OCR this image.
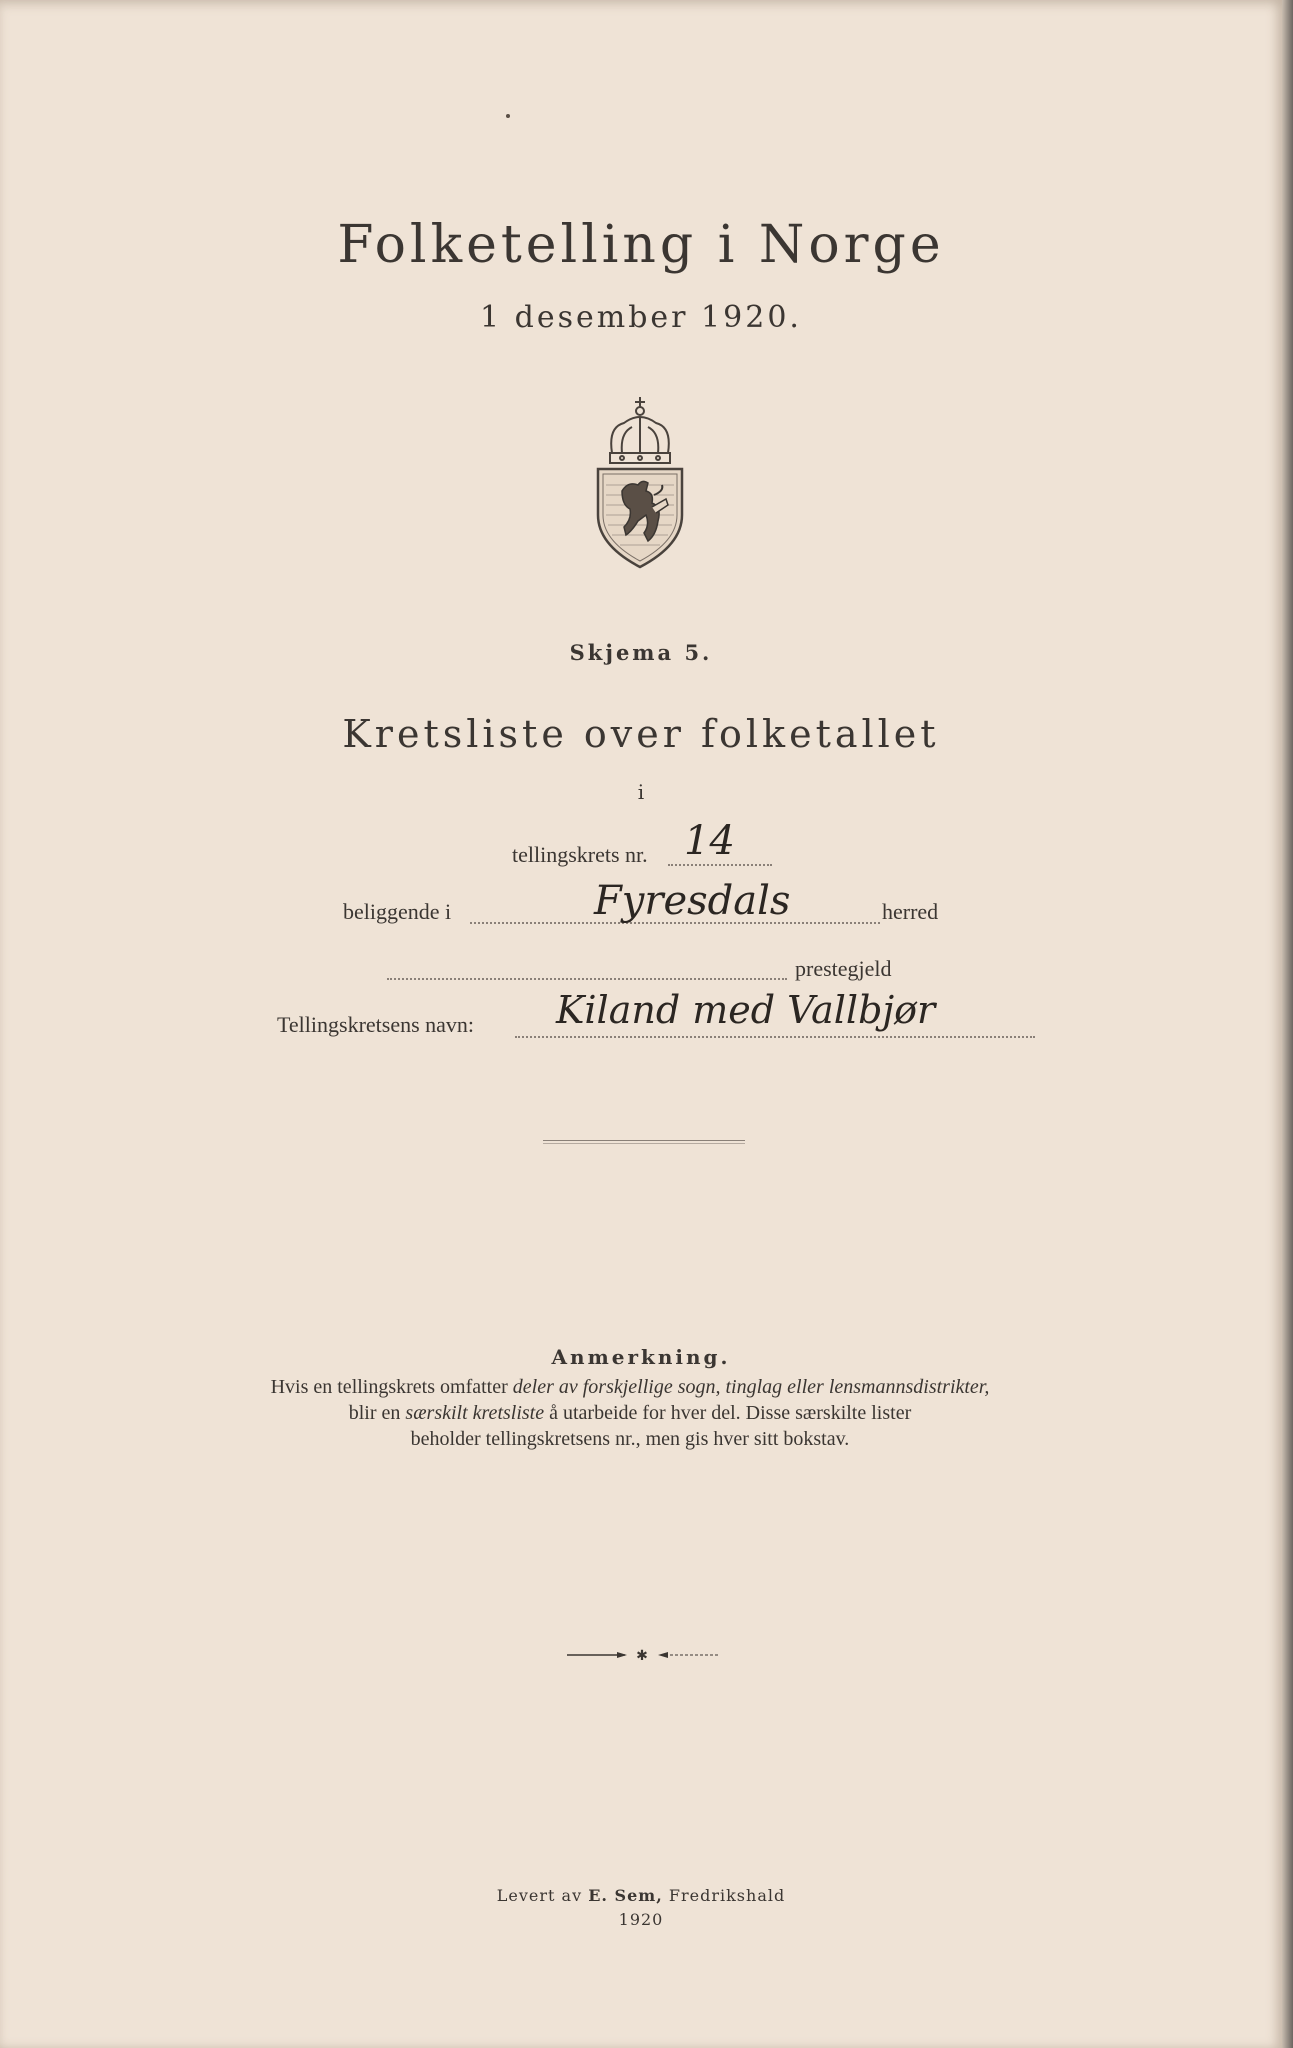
Folketelling i Norge
1 desember 1920.
Skjema 5.
Kretsliste over folketallet
i
tellingskrets nr. 14
beliggende i	Fyresdals	herred
prestegjeld
Tellingskretsens navn: Kiland med Vallbjør
Anmerkning.
Hvis en tellingskrets omfatter deler av forskjellige sogn, tinglag eller lensmannsdistrikter,
blir en særskilt kretsliste å utarbeide for hver del. Disse særskilte lister
beholder tellingskretsens nr., men gis hver sitt bokstav.
✱
Levert av E. Sem, Fredrikshald
1920
